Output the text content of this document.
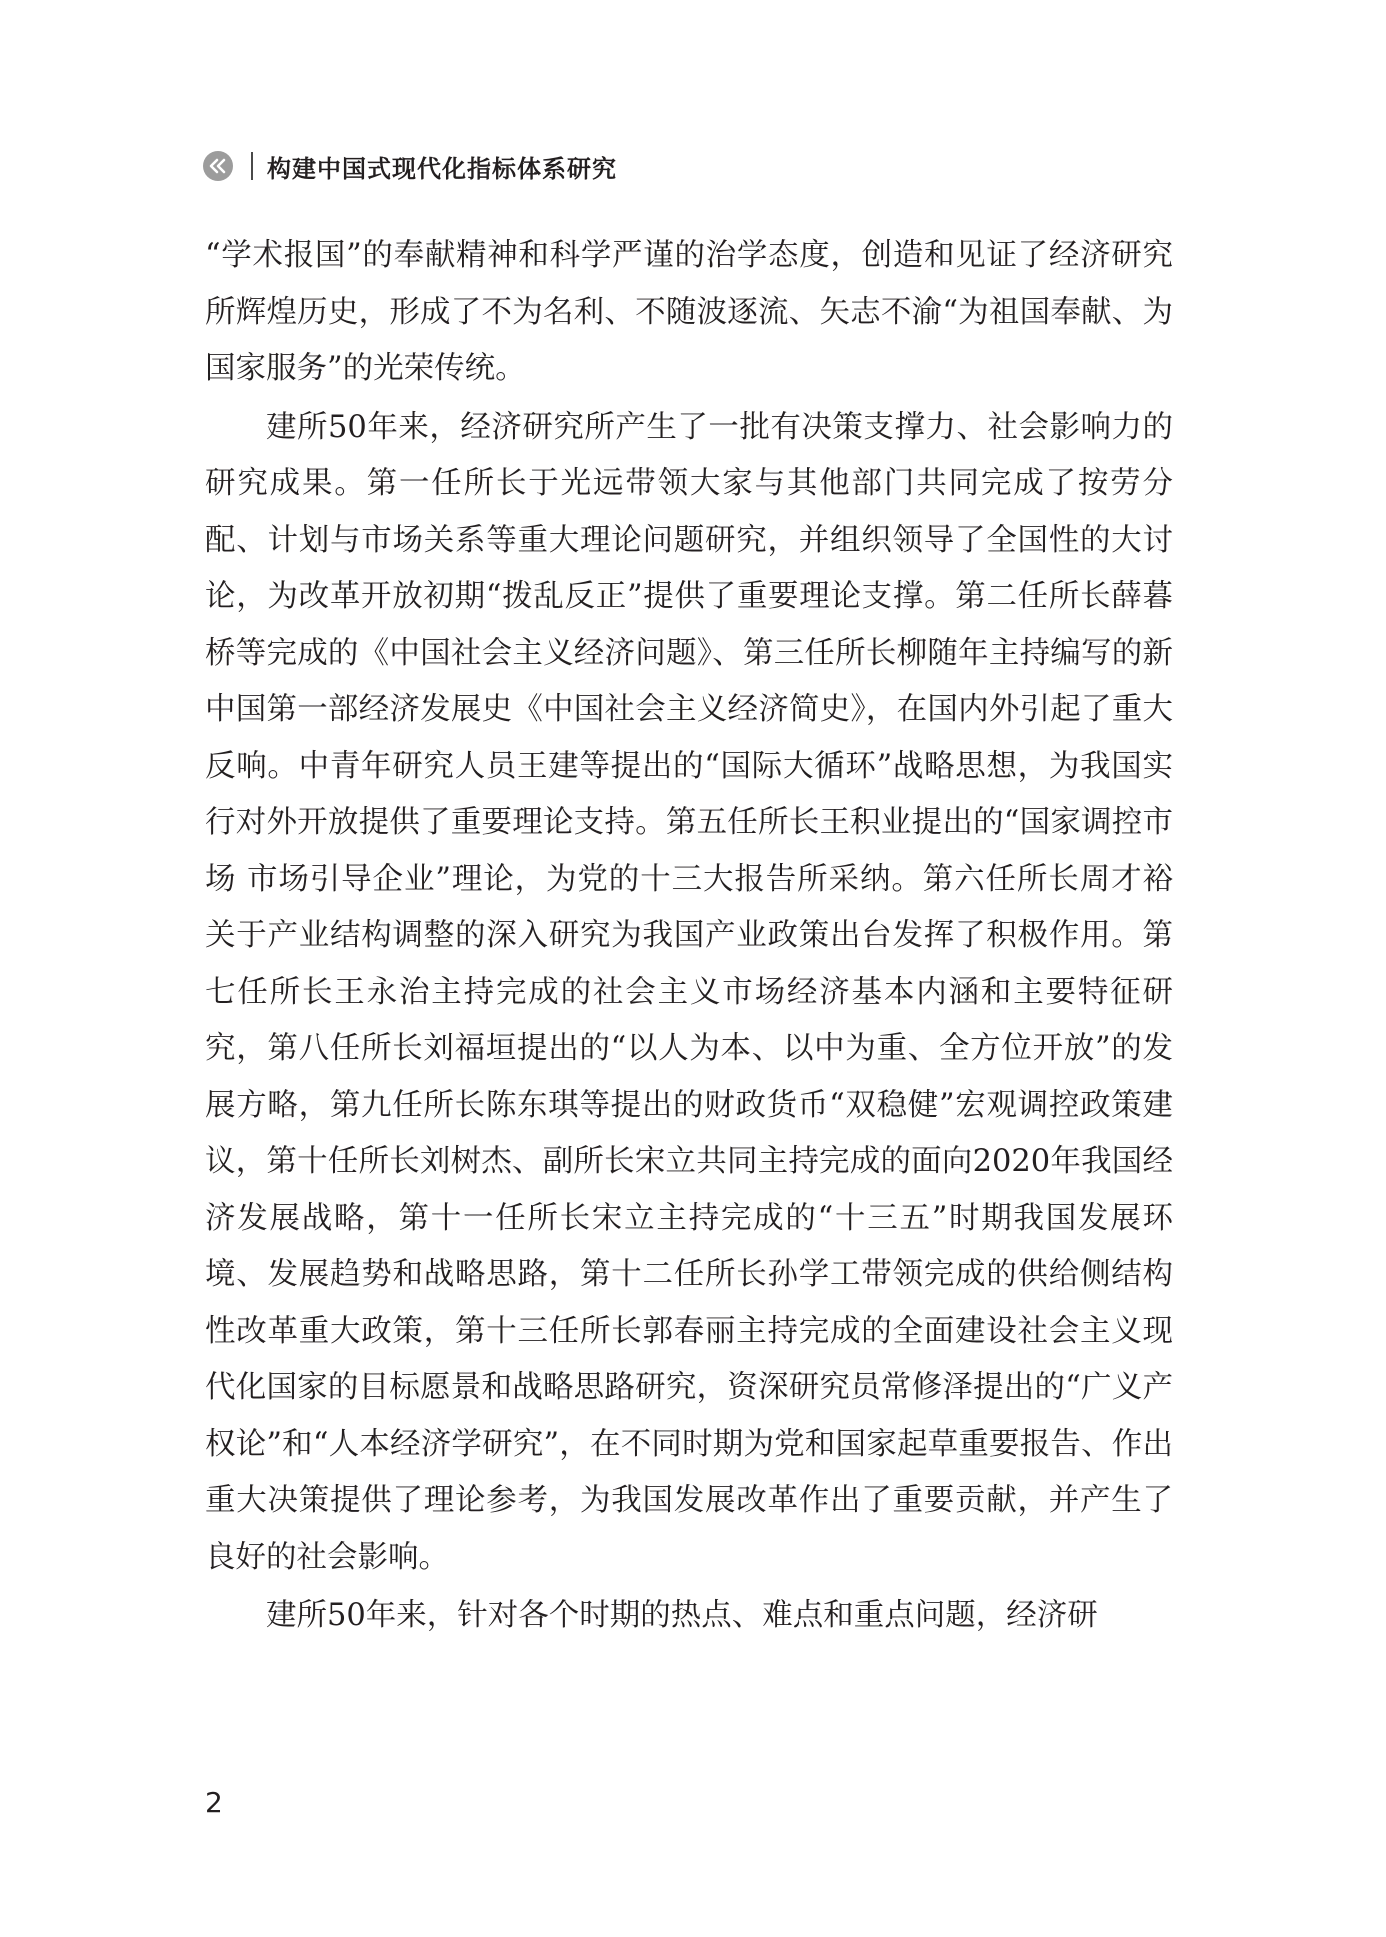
构建中国式现代化指标体系研究

“学术报国”的奉献精神和科学严谨的治学态度，创造和见证了经济研究所辉煌历史，形成了不为名利、不随波逐流、矢志不渝“为祖国奉献、为国家服务”的光荣传统。

建所50年来，经济研究所产生了一批有决策支撑力、社会影响力的研究成果。第一任所长于光远带领大家与其他部门共同完成了按劳分配、计划与市场关系等重大理论问题研究，并组织领导了全国性的大讨论，为改革开放初期“拨乱反正”提供了重要理论支撑。第二任所长薛暮桥等完成的《中国社会主义经济问题》、第三任所长柳随年主持编写的新中国第一部经济发展史《中国社会主义经济简史》，在国内外引起了重大反响。中青年研究人员王建等提出的“国际大循环”战略思想，为我国实行对外开放提供了重要理论支持。第五任所长王积业提出的“国家调控市场 市场引导企业”理论，为党的十三大报告所采纳。第六任所长周才裕关于产业结构调整的深入研究为我国产业政策出台发挥了积极作用。第七任所长王永治主持完成的社会主义市场经济基本内涵和主要特征研究，第八任所长刘福垣提出的“以人为本、以中为重、全方位开放”的发展方略，第九任所长陈东琪等提出的财政货币“双稳健”宏观调控政策建议，第十任所长刘树杰、副所长宋立共同主持完成的面向2020年我国经济发展战略，第十一任所长宋立主持完成的“十三五”时期我国发展环境、发展趋势和战略思路，第十二任所长孙学工带领完成的供给侧结构性改革重大政策，第十三任所长郭春丽主持完成的全面建设社会主义现代化国家的目标愿景和战略思路研究，资深研究员常修泽提出的“广义产权论”和“人本经济学研究”，在不同时期为党和国家起草重要报告、作出重大决策提供了理论参考，为我国发展改革作出了重要贡献，并产生了良好的社会影响。

建所50年来，针对各个时期的热点、难点和重点问题，经济研

2
